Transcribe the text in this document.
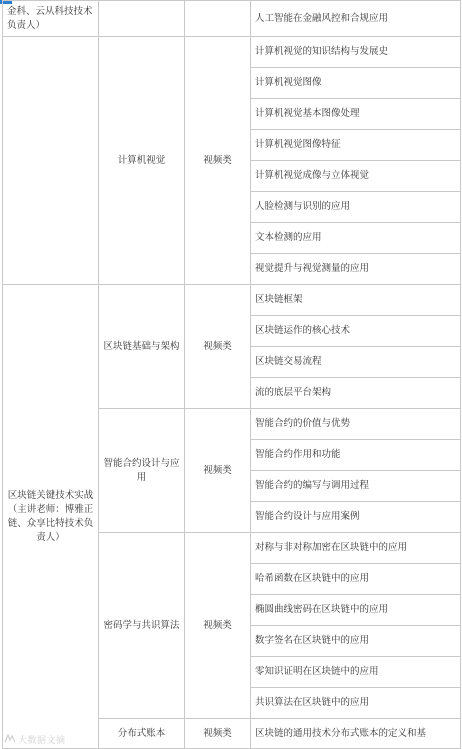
金科、云从科技技术负责人）			人工智能在金融风控和合规应用
	计算机视觉	视频类	计算机视觉的知识结构与发展史
			计算机视觉图像
			计算机视觉基本图像处理
			计算机视觉图像特征
			计算机视觉成像与立体视觉
			人脸检测与识别的应用
			文本检测的应用
			视觉提升与视觉测量的应用
区块链关键技术实战（主讲老师：博雅正链、众享比特技术负责人）	区块链基础与架构	视频类	区块链框架
			区块链运作的核心技术
			区块链交易流程
			流的底层平台架构
	智能合约设计与应用	视频类	智能合约的价值与优势
			智能合约作用和功能
			智能合约的编写与调用过程
			智能合约设计与应用案例
	密码学与共识算法	视频类	对称与非对称加密在区块链中的应用
			哈希函数在区块链中的应用
			椭圆曲线密码在区块链中的应用
			数字签名在区块链中的应用
			零知识证明在区块链中的应用
			共识算法在区块链中的应用
	分布式账本	视频类	区块链的通用技术分布式账本的定义和基
大数据文摘
